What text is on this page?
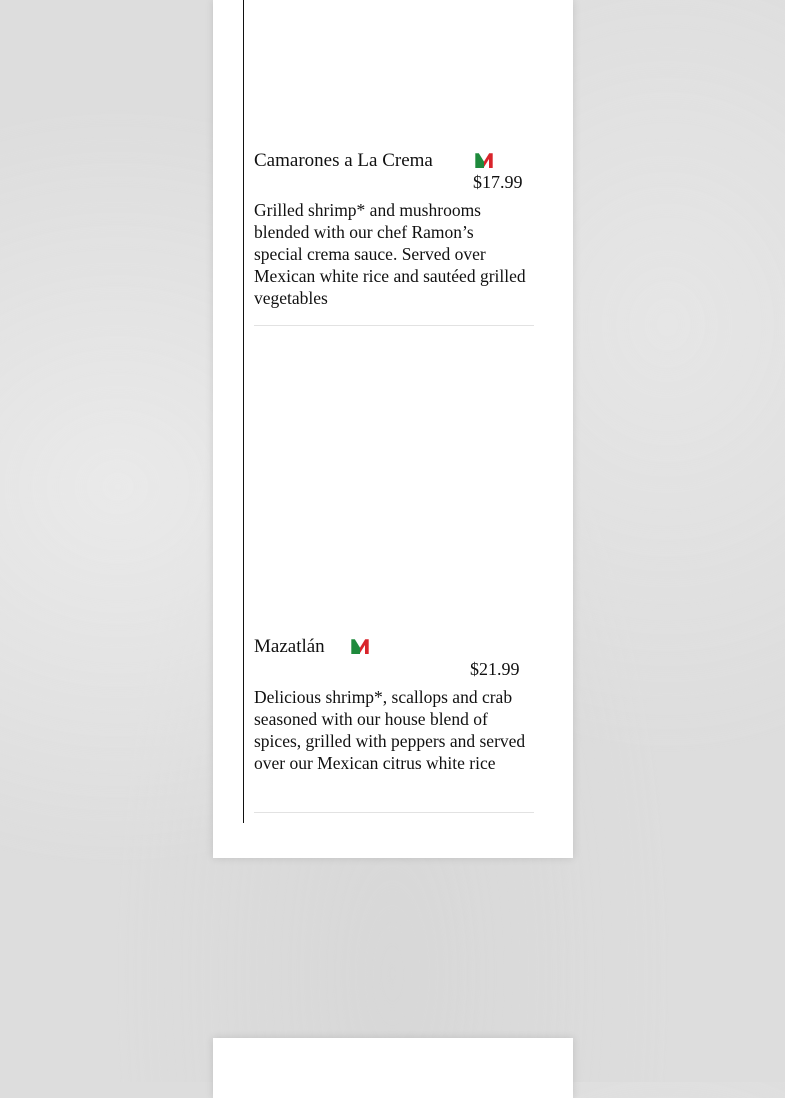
Camarones a La Crema
$17.99
Grilled shrimp* and mushrooms blended with our chef Ramon’s special crema sauce. Served over Mexican white rice and sautéed grilled vegetables
Mazatlán
$21.99
Delicious shrimp*, scallops and crab seasoned with our house blend of spices, grilled with peppers and served over our Mexican citrus white rice
